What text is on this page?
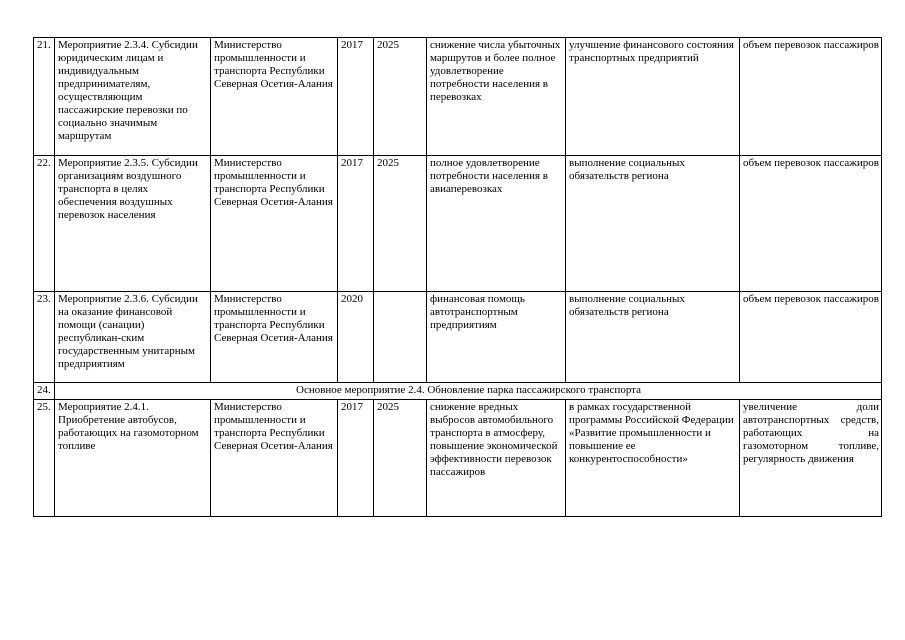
21.	Мероприятие 2.3.4. Субсидии юридическим лицам и индивидуальным предпринимателям, осуществляющим пассажирские перевозки по социально значимым маршрутам	Министерство промышленности и транспорта Республики Северная Осетия-Алания	2017	2025	снижение числа убыточных маршрутов и более полное удовлетворение потребности населения в перевозках	улучшение финансового состояния транспортных предприятий	объем перевозок пассажиров
22.	Мероприятие 2.3.5. Субсидии организациям воздушного транспорта в целях обеспечения воздушных перевозок населения	Министерство промышленности и транспорта Республики Северная Осетия-Алания	2017	2025	полное удовлетворение потребности населения в авиаперевозках	выполнение социальных обязательств региона	объем перевозок пассажиров
23.	Мероприятие 2.3.6. Субсидии на оказание финансовой помощи (санации) республикан-ским государственным унитарным предприятиям	Министерство промышленности и транспорта Республики Северная Осетия-Алания	2020		финансовая помощь автотранспортным предприятиям	выполнение социальных обязательств региона	объем перевозок пассажиров
24.	Основное мероприятие 2.4. Обновление парка пассажирского транспорта						
25.	Мероприятие 2.4.1. Приобретение автобусов, работающих на газомоторном топливе	Министерство промышленности и транспорта Республики Северная Осетия-Алания	2017	2025	снижение вредных выбросов автомобильного транспорта в атмосферу, повышение экономической эффективности перевозок пассажиров	в рамках государственной программы Российской Федерации «Развитие промышленности и повышение ее конкурентоспособности»	увеличение доли автотранспортных средств, работающих на газомоторном топливе, регулярность движения
